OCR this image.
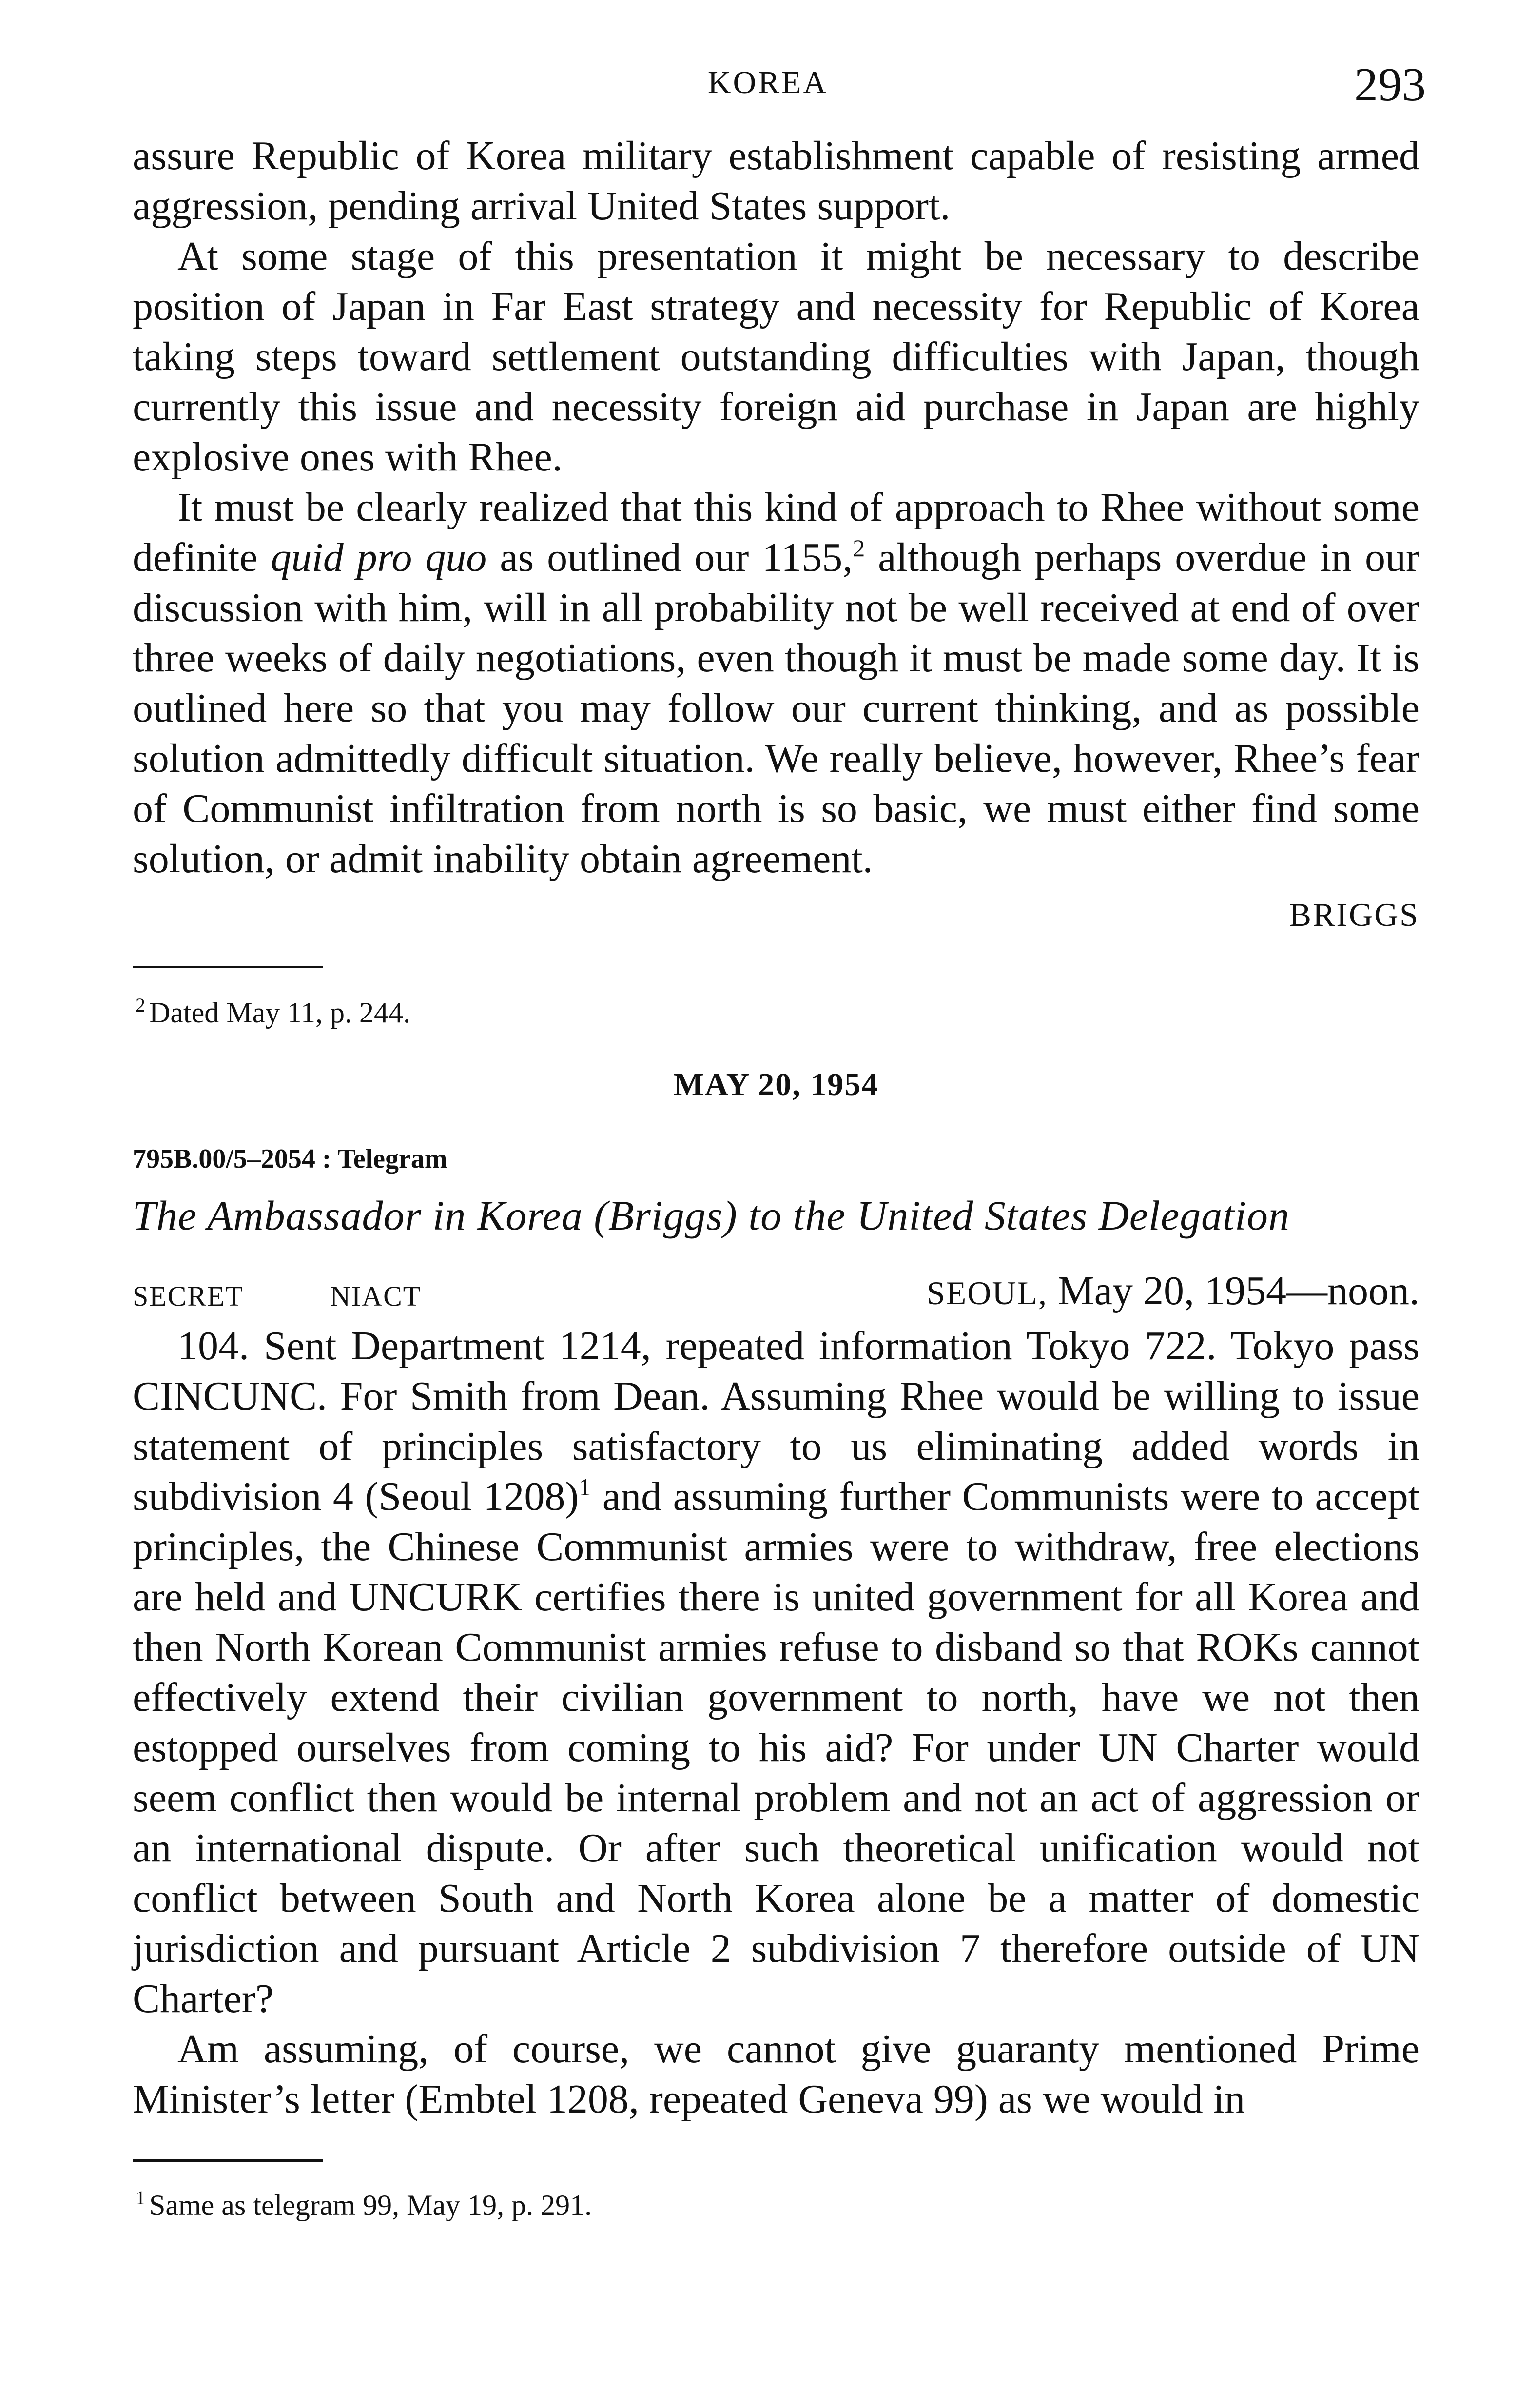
KOREA	293

assure Republic of Korea military establishment capable of resisting armed aggression, pending arrival United States support.

At some stage of this presentation it might be necessary to describe position of Japan in Far East strategy and necessity for Republic of Korea taking steps toward settlement outstanding difficulties with Japan, though currently this issue and necessity foreign aid purchase in Japan are highly explosive ones with Rhee.

It must be clearly realized that this kind of approach to Rhee without some definite quid pro quo as outlined our 1155,$^2$ although perhaps overdue in our discussion with him, will in all probability not be well received at end of over three weeks of daily negotiations, even though it must be made some day. It is outlined here so that you may follow our current thinking, and as possible solution admittedly difficult situation. We really believe, however, Rhee’s fear of Communist infiltration from north is so basic, we must either find some solution, or admit inability obtain agreement.

BRIGGS

$^2$ Dated May 11, p. 244.

MAY 20, 1954
795B.00/5–2054 : Telegram
The Ambassador in Korea (Briggs) to the United States Delegation
SECRET	NIACT	SEOUL, May 20, 1954—noon.

104. Sent Department 1214, repeated information Tokyo 722. Tokyo pass CINCUNC. For Smith from Dean. Assuming Rhee would be willing to issue statement of principles satisfactory to us eliminating added words in subdivision 4 (Seoul 1208)$^1$ and assuming further Communists were to accept principles, the Chinese Communist armies were to withdraw, free elections are held and UNCURK certifies there is united government for all Korea and then North Korean Communist armies refuse to disband so that ROKs cannot effectively extend their civilian government to north, have we not then estopped ourselves from coming to his aid? For under UN Charter would seem conflict then would be internal problem and not an act of aggression or an international dispute. Or after such theoretical unification would not conflict between South and North Korea alone be a matter of domestic jurisdiction and pursuant Article 2 subdivision 7 therefore outside of UN Charter?

Am assuming, of course, we cannot give guaranty mentioned Prime Minister’s letter (Embtel 1208, repeated Geneva 99) as we would in

$^1$ Same as telegram 99, May 19, p. 291.
